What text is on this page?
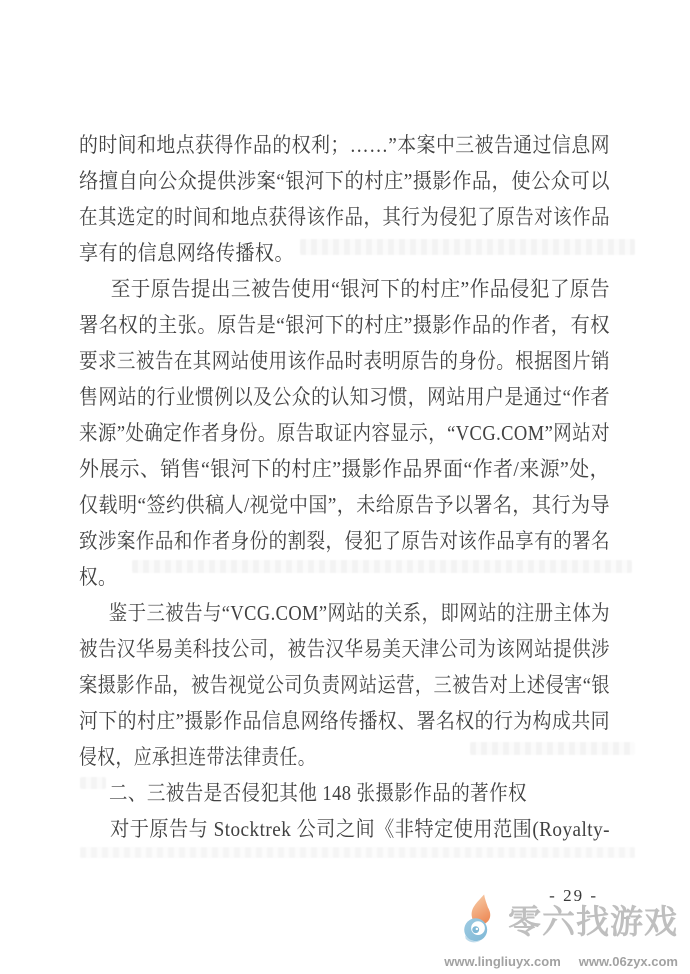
的时间和地点获得作品的权利；……”本案中三被告通过信息网
络擅自向公众提供涉案“银河下的村庄”摄影作品，使公众可以
在其选定的时间和地点获得该作品，其行为侵犯了原告对该作品
享有的信息网络传播权。
至于原告提出三被告使用“银河下的村庄”作品侵犯了原告
署名权的主张。原告是“银河下的村庄”摄影作品的作者，有权
要求三被告在其网站使用该作品时表明原告的身份。根据图片销
售网站的行业惯例以及公众的认知习惯，网站用户是通过“作者
来源”处确定作者身份。原告取证内容显示，“VCG.COM”网站对
外展示、销售“银河下的村庄”摄影作品界面“作者/来源”处，
仅载明“签约供稿人/视觉中国”，未给原告予以署名，其行为导
致涉案作品和作者身份的割裂，侵犯了原告对该作品享有的署名
权。
鉴于三被告与“VCG.COM”网站的关系，即网站的注册主体为
被告汉华易美科技公司，被告汉华易美天津公司为该网站提供涉
案摄影作品，被告视觉公司负责网站运营，三被告对上述侵害“银
河下的村庄”摄影作品信息网络传播权、署名权的行为构成共同
侵权，应承担连带法律责任。
二、三被告是否侵犯其他 148 张摄影作品的著作权
对于原告与 Stocktrek 公司之间《非特定使用范围(Royalty-
- 29 -
零六找游戏
www.lingliuyx.com www.06zyx.com
